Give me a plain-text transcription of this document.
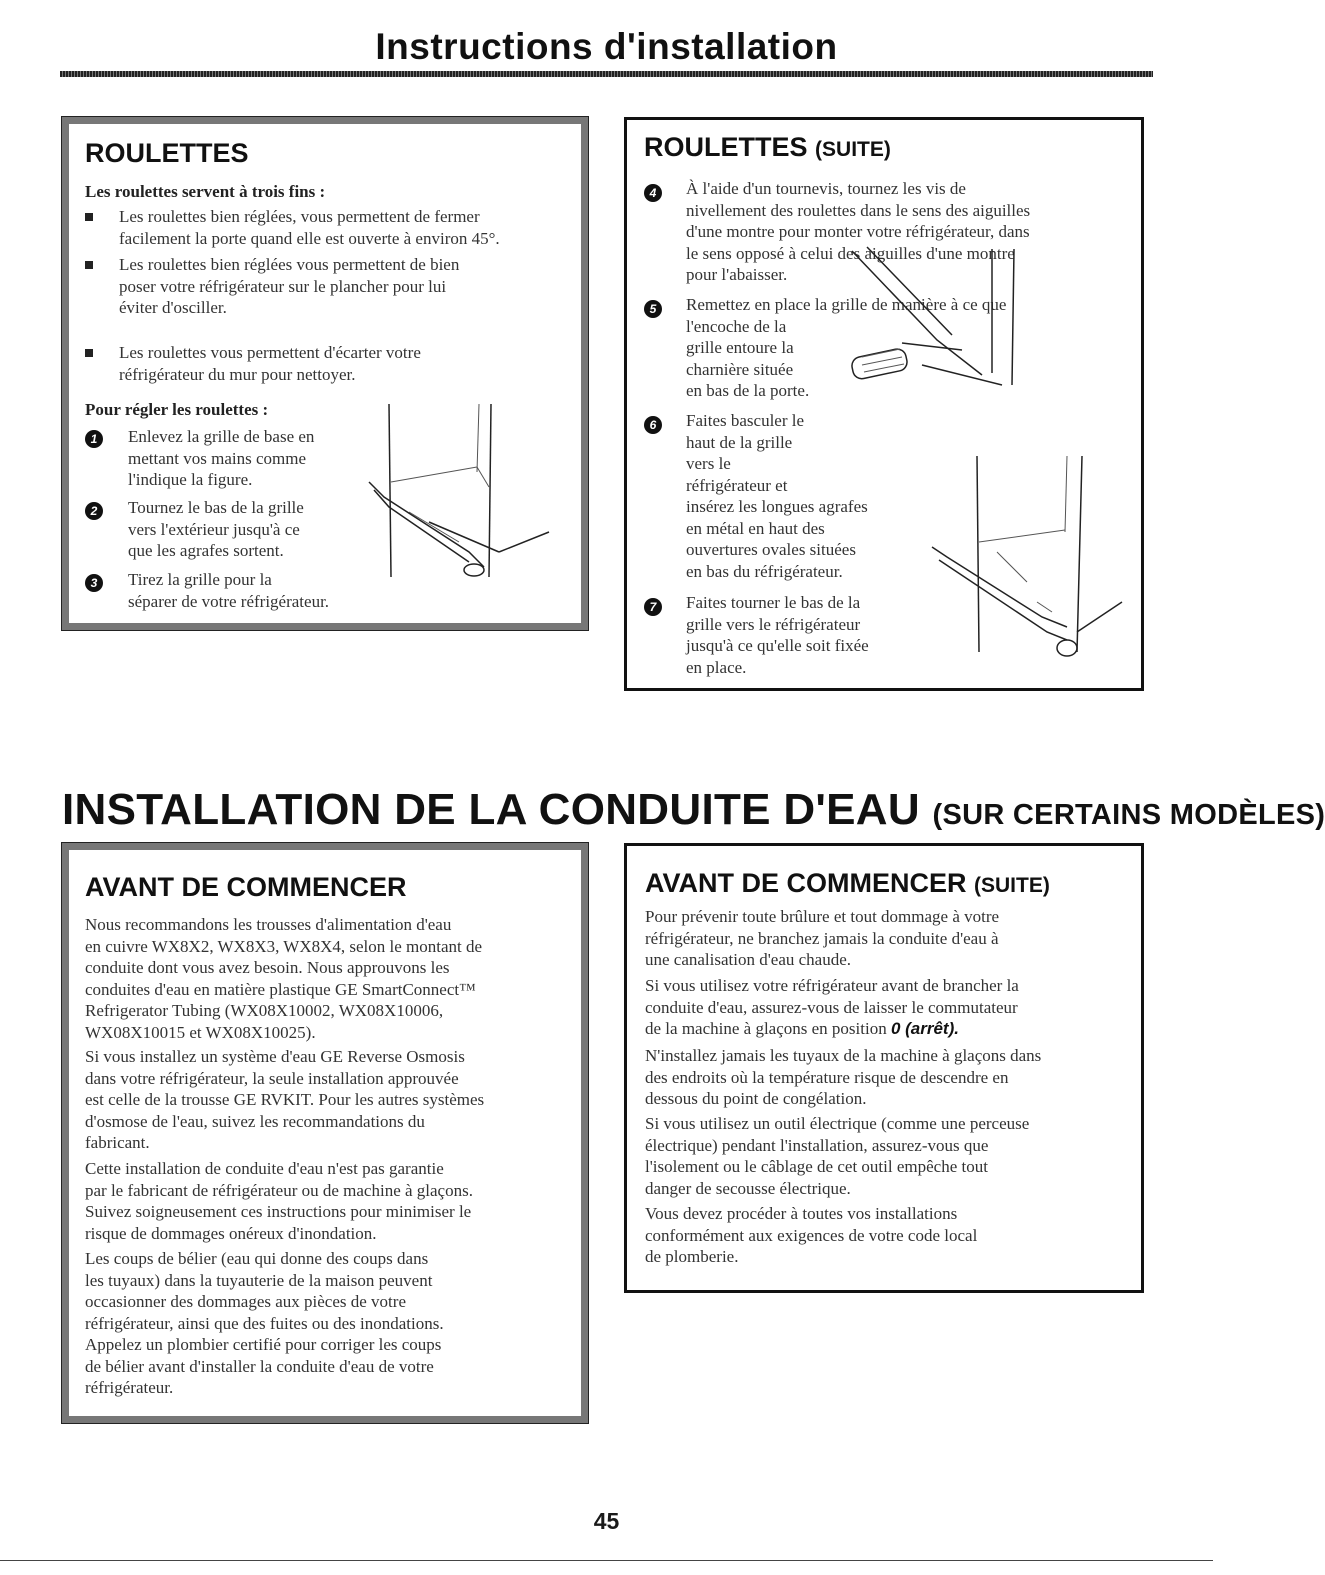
Instructions d'installation
ROULETTES
Les roulettes servent à trois fins :
Les roulettes bien réglées, vous permettent de fermer
facilement la porte quand elle est ouverte à environ 45°.
Les roulettes bien réglées vous permettent de bien
poser votre réfrigérateur sur le plancher pour lui
éviter d'osciller.
Les roulettes vous permettent d'écarter votre
réfrigérateur du mur pour nettoyer.
Pour régler les roulettes :
1	Enlevez la grille de base en
mettant vos mains comme
l'indique la figure.
2	Tournez le bas de la grille
vers l'extérieur jusqu'à ce
que les agrafes sortent.
3	Tirez la grille pour la
séparer de votre réfrigérateur.
ROULETTES (SUITE)
4	À l'aide d'un tournevis, tournez les vis de
nivellement des roulettes dans le sens des aiguilles
d'une montre pour monter votre réfrigérateur, dans
le sens opposé à celui des aiguilles d'une montre
pour l'abaisser.
5	Remettez en place la grille de manière à ce que
l'encoche de la
grille entoure la
charnière située
en bas de la porte.
6	Faites basculer le
haut de la grille
vers le
réfrigérateur et
insérez les longues agrafes
en métal en haut des
ouvertures ovales situées
en bas du réfrigérateur.
7	Faites tourner le bas de la
grille vers le réfrigérateur
jusqu'à ce qu'elle soit fixée
en place.
INSTALLATION DE LA CONDUITE D'EAU (SUR CERTAINS MODÈLES)
AVANT DE COMMENCER
Nous recommandons les trousses d'alimentation d'eau
en cuivre WX8X2, WX8X3, WX8X4, selon le montant de
conduite dont vous avez besoin. Nous approuvons les
conduites d'eau en matière plastique GE SmartConnect™
Refrigerator Tubing (WX08X10002, WX08X10006,
WX08X10015 et WX08X10025).
Si vous installez un système d'eau GE Reverse Osmosis
dans votre réfrigérateur, la seule installation approuvée
est celle de la trousse GE RVKIT. Pour les autres systèmes
d'osmose de l'eau, suivez les recommandations du
fabricant.
Cette installation de conduite d'eau n'est pas garantie
par le fabricant de réfrigérateur ou de machine à glaçons.
Suivez soigneusement ces instructions pour minimiser le
risque de dommages onéreux d'inondation.
Les coups de bélier (eau qui donne des coups dans
les tuyaux) dans la tuyauterie de la maison peuvent
occasionner des dommages aux pièces de votre
réfrigérateur, ainsi que des fuites ou des inondations.
Appelez un plombier certifié pour corriger les coups
de bélier avant d'installer la conduite d'eau de votre
réfrigérateur.
AVANT DE COMMENCER (SUITE)
Pour prévenir toute brûlure et tout dommage à votre
réfrigérateur, ne branchez jamais la conduite d'eau à
une canalisation d'eau chaude.
Si vous utilisez votre réfrigérateur avant de brancher la
conduite d'eau, assurez-vous de laisser le commutateur
de la machine à glaçons en position 0 (arrêt).
N'installez jamais les tuyaux de la machine à glaçons dans
des endroits où la température risque de descendre en
dessous du point de congélation.
Si vous utilisez un outil électrique (comme une perceuse
électrique) pendant l'installation, assurez-vous que
l'isolement ou le câblage de cet outil empêche tout
danger de secousse électrique.
Vous devez procéder à toutes vos installations
conformément aux exigences de votre code local
de plomberie.
45
